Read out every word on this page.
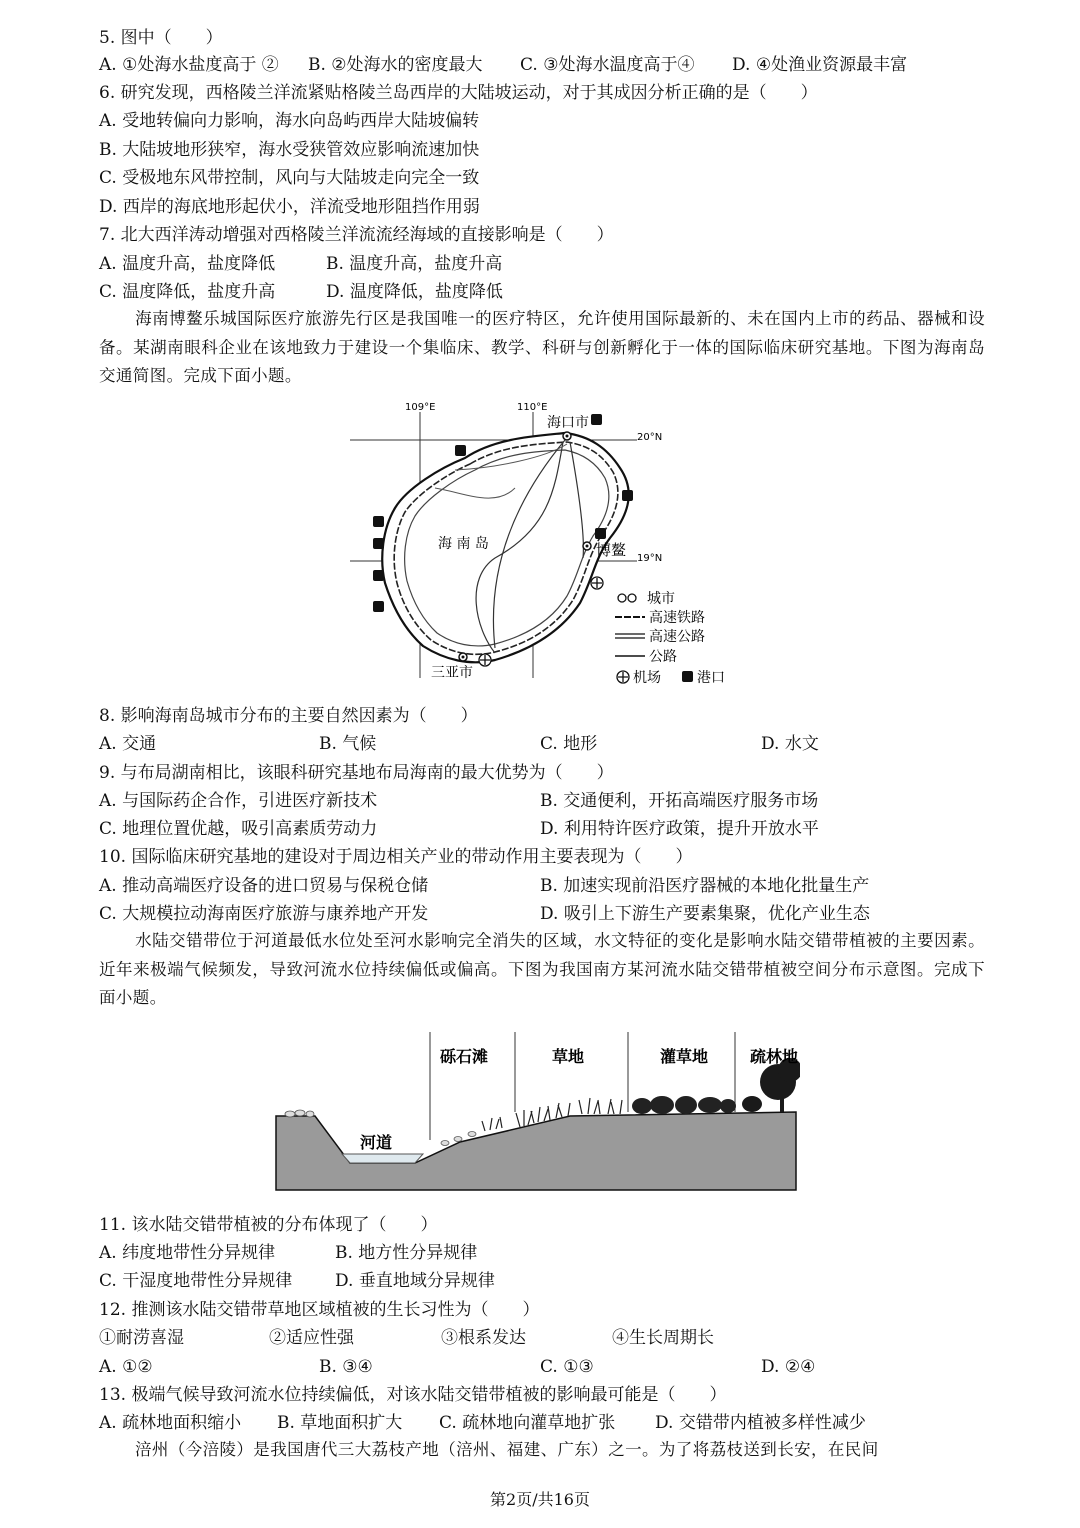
5. 图中（　　）
A. ①处海水盐度高于 ② B. ②处海水的密度最大 C. ③处海水温度高于④ D. ④处渔业资源最丰富
6. 研究发现，西格陵兰洋流紧贴格陵兰岛西岸的大陆坡运动，对于其成因分析正确的是（　　）
A. 受地转偏向力影响，海水向岛屿西岸大陆坡偏转
B. 大陆坡地形狭窄，海水受狭管效应影响流速加快
C. 受极地东风带控制，风向与大陆坡走向完全一致
D. 西岸的海底地形起伏小，洋流受地形阻挡作用弱
7. 北大西洋涛动增强对西格陵兰洋流流经海域的直接影响是（　　）
A. 温度升高，盐度降低	B. 温度升高，盐度升高
C. 温度降低，盐度升高	D. 温度降低，盐度降低
海南博鳌乐城国际医疗旅游先行区是我国唯一的医疗特区，允许使用国际最新的、未在国内上市的药品、器械和设备。某湖南眼科企业在该地致力于建设一个集临床、教学、科研与创新孵化于一体的国际临床研究基地。下图为海南岛交通简图。完成下面小题。
109°E	110°E
20°N
19°N
海口市
博鳌
三亚市
海 南 岛
城市
高速铁路
高速公路
公路
机场	港口
8. 影响海南岛城市分布的主要自然因素为（　　）
A. 交通	B. 气候	C. 地形	D. 水文
9. 与布局湖南相比，该眼科研究基地布局海南的最大优势为（　　）
A. 与国际药企合作，引进医疗新技术	B. 交通便利，开拓高端医疗服务市场
C. 地理位置优越，吸引高素质劳动力	D. 利用特许医疗政策，提升开放水平
10. 国际临床研究基地的建设对于周边相关产业的带动作用主要表现为（　　）
A. 推动高端医疗设备的进口贸易与保税仓储	B. 加速实现前沿医疗器械的本地化批量生产
C. 大规模拉动海南医疗旅游与康养地产开发	D. 吸引上下游生产要素集聚，优化产业生态
水陆交错带位于河道最低水位处至河水影响完全消失的区域，水文特征的变化是影响水陆交错带植被的主要因素。近年来极端气候频发，导致河流水位持续偏低或偏高。下图为我国南方某河流水陆交错带植被空间分布示意图。完成下面小题。
砾石滩	草地	灌草地	疏林地
河道
11. 该水陆交错带植被的分布体现了（　　）
A. 纬度地带性分异规律	B. 地方性分异规律
C. 干湿度地带性分异规律	D. 垂直地域分异规律
12. 推测该水陆交错带草地区域植被的生长习性为（　　）
①耐涝喜湿	②适应性强	③根系发达	④生长周期长
A. ①②	B. ③④	C. ①③	D. ②④
13. 极端气候导致河流水位持续偏低，对该水陆交错带植被的影响最可能是（　　）
A. 疏林地面积缩小 B. 草地面积扩大 C. 疏林地向灌草地扩张 D. 交错带内植被多样性减少
涪州（今涪陵）是我国唐代三大荔枝产地（涪州、福建、广东）之一。为了将荔枝送到长安，在民间
第2页/共16页
